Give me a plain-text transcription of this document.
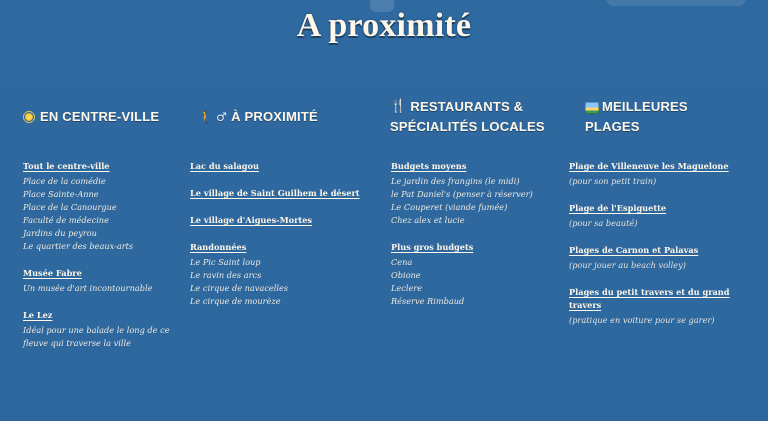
A proximité
EN CENTRE-VILLE	🚶 ♂ À PROXIMITÉ
🍴 RESTAURANTS &
SPÉCIALITÉS LOCALES
MEILLEURES
PLAGES
Tout le centre-ville
Place de la comédie
Place Sainte-Anne
Place de la Canourgue
Faculté de médecine
Jardins du peyrou
Le quartier des beaux-arts
Musée Fabre
Un musée d'art incontournable
Le Lez
Idéal pour une balade le long de ce
fleuve qui traverse la ville
Lac du salagou
Le village de Saint Guilhem le désert
Le village d'Aigues-Mortes
Randonnées
Le Pic Saint loup
Le ravin des arcs
Le cirque de navacelles
Le cirque de mourèze
Budgets moyens
Le jardin des frangins (le midi)
le Pat Daniel's (penser à réserver)
Le Couperet (viande fumée)
Chez alex et lucie
Plus gros budgets
Cena
Obione
Leclere
Réserve Rimbaud
Plage de Villeneuve les Maguelone
(pour son petit train)
Plage de l'Espiguette
(pour sa beauté)
Plages de Carnon et Palavas
(pour jouer au beach volley)
Plages du petit travers et du grand travers
(pratique en voiture pour se garer)
